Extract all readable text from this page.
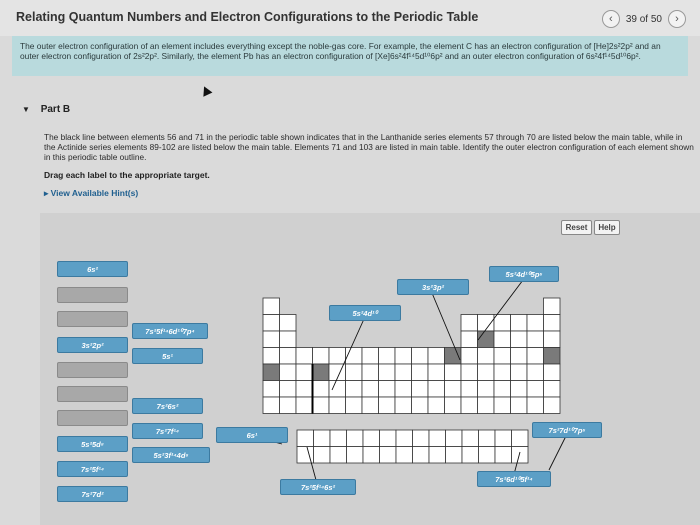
Relating Quantum Numbers and Electron Configurations to the Periodic Table	‹	39 of 50	›
The outer electron configuration of an element includes everything except the noble-gas core. For example, the element C has an electron configuration of [He]2s²2p² and an outer electron configuration of 2s²2p². Similarly, the element Pb has an electron configuration of [Xe]6s²4f¹⁴5d¹⁰6p² and an outer electron configuration of 6s²4f¹⁴5d¹⁰6p².
▼ Part B
The black line between elements 56 and 71 in the periodic table shown indicates that in the Lanthanide series elements 57 through 70 are listed below the main table, while in the Actinide series elements 89-102 are listed below the main table. Elements 71 and 103 are listed in main table. Identify the outer electron configuration of each element shown in this periodic table outline.
Drag each label to the appropriate target.
▸ View Available Hint(s)
Reset	Help
6s²
5s²4d¹⁰5p⁵
3s²3p²
5s²4d¹⁰
7s²5f¹⁴6d¹⁰7p⁴
3s²2p²
5s¹
7s²6s²
7s²7f¹⁴	6s¹
7s²7d¹⁰7p⁵
5s²5d⁸
5s²3f¹⁴4d⁸
7s²5f¹⁴
7s²7d²
7s²5f¹⁴6s²
7s²6d¹⁰5f¹⁴
